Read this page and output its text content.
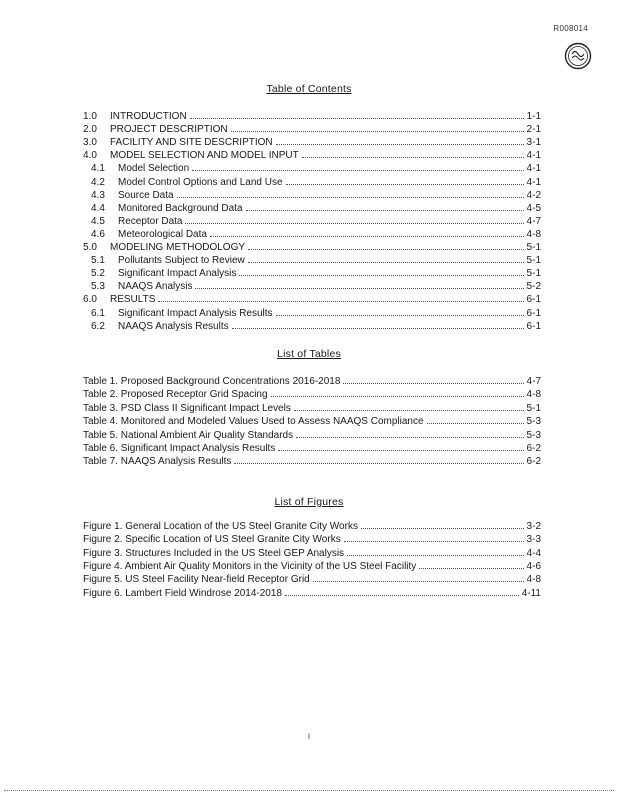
R008014
Table of Contents
1.0	INTRODUCTION	1-1
2.0	PROJECT DESCRIPTION	2-1
3.0	FACILITY AND SITE DESCRIPTION	3-1
4.0	MODEL SELECTION AND MODEL INPUT	4-1
4.1	Model Selection	4-1
4.2	Model Control Options and Land Use	4-1
4.3	Source Data	4-2
4.4	Monitored Background Data	4-5
4.5	Receptor Data	4-7
4.6	Meteorological Data	4-8
5.0	MODELING METHODOLOGY	5-1
5.1	Pollutants Subject to Review	5-1
5.2	Significant Impact Analysis	5-1
5.3	NAAQS Analysis	5-2
6.0	RESULTS	6-1
6.1	Significant Impact Analysis Results	6-1
6.2	NAAQS Analysis Results	6-1
List of Tables
Table 1. Proposed Background Concentrations 2016-2018	4-7
Table 2. Proposed Receptor Grid Spacing	4-8
Table 3. PSD Class II Significant Impact Levels	5-1
Table 4. Monitored and Modeled Values Used to Assess NAAQS Compliance	5-3
Table 5. National Ambient Air Quality Standards	5-3
Table 6. Significant Impact Analysis Results	6-2
Table 7. NAAQS Analysis Results	6-2
List of Figures
Figure 1. General Location of the US Steel Granite City Works	3-2
Figure 2. Specific Location of US Steel Granite City Works	3-3
Figure 3. Structures Included in the US Steel GEP Analysis	4-4
Figure 4. Ambient Air Quality Monitors in the Vicinity of the US Steel Facility	4-6
Figure 5. US Steel Facility Near-field Receptor Grid	4-8
Figure 6. Lambert Field Windrose 2014-2018	4-11
i
